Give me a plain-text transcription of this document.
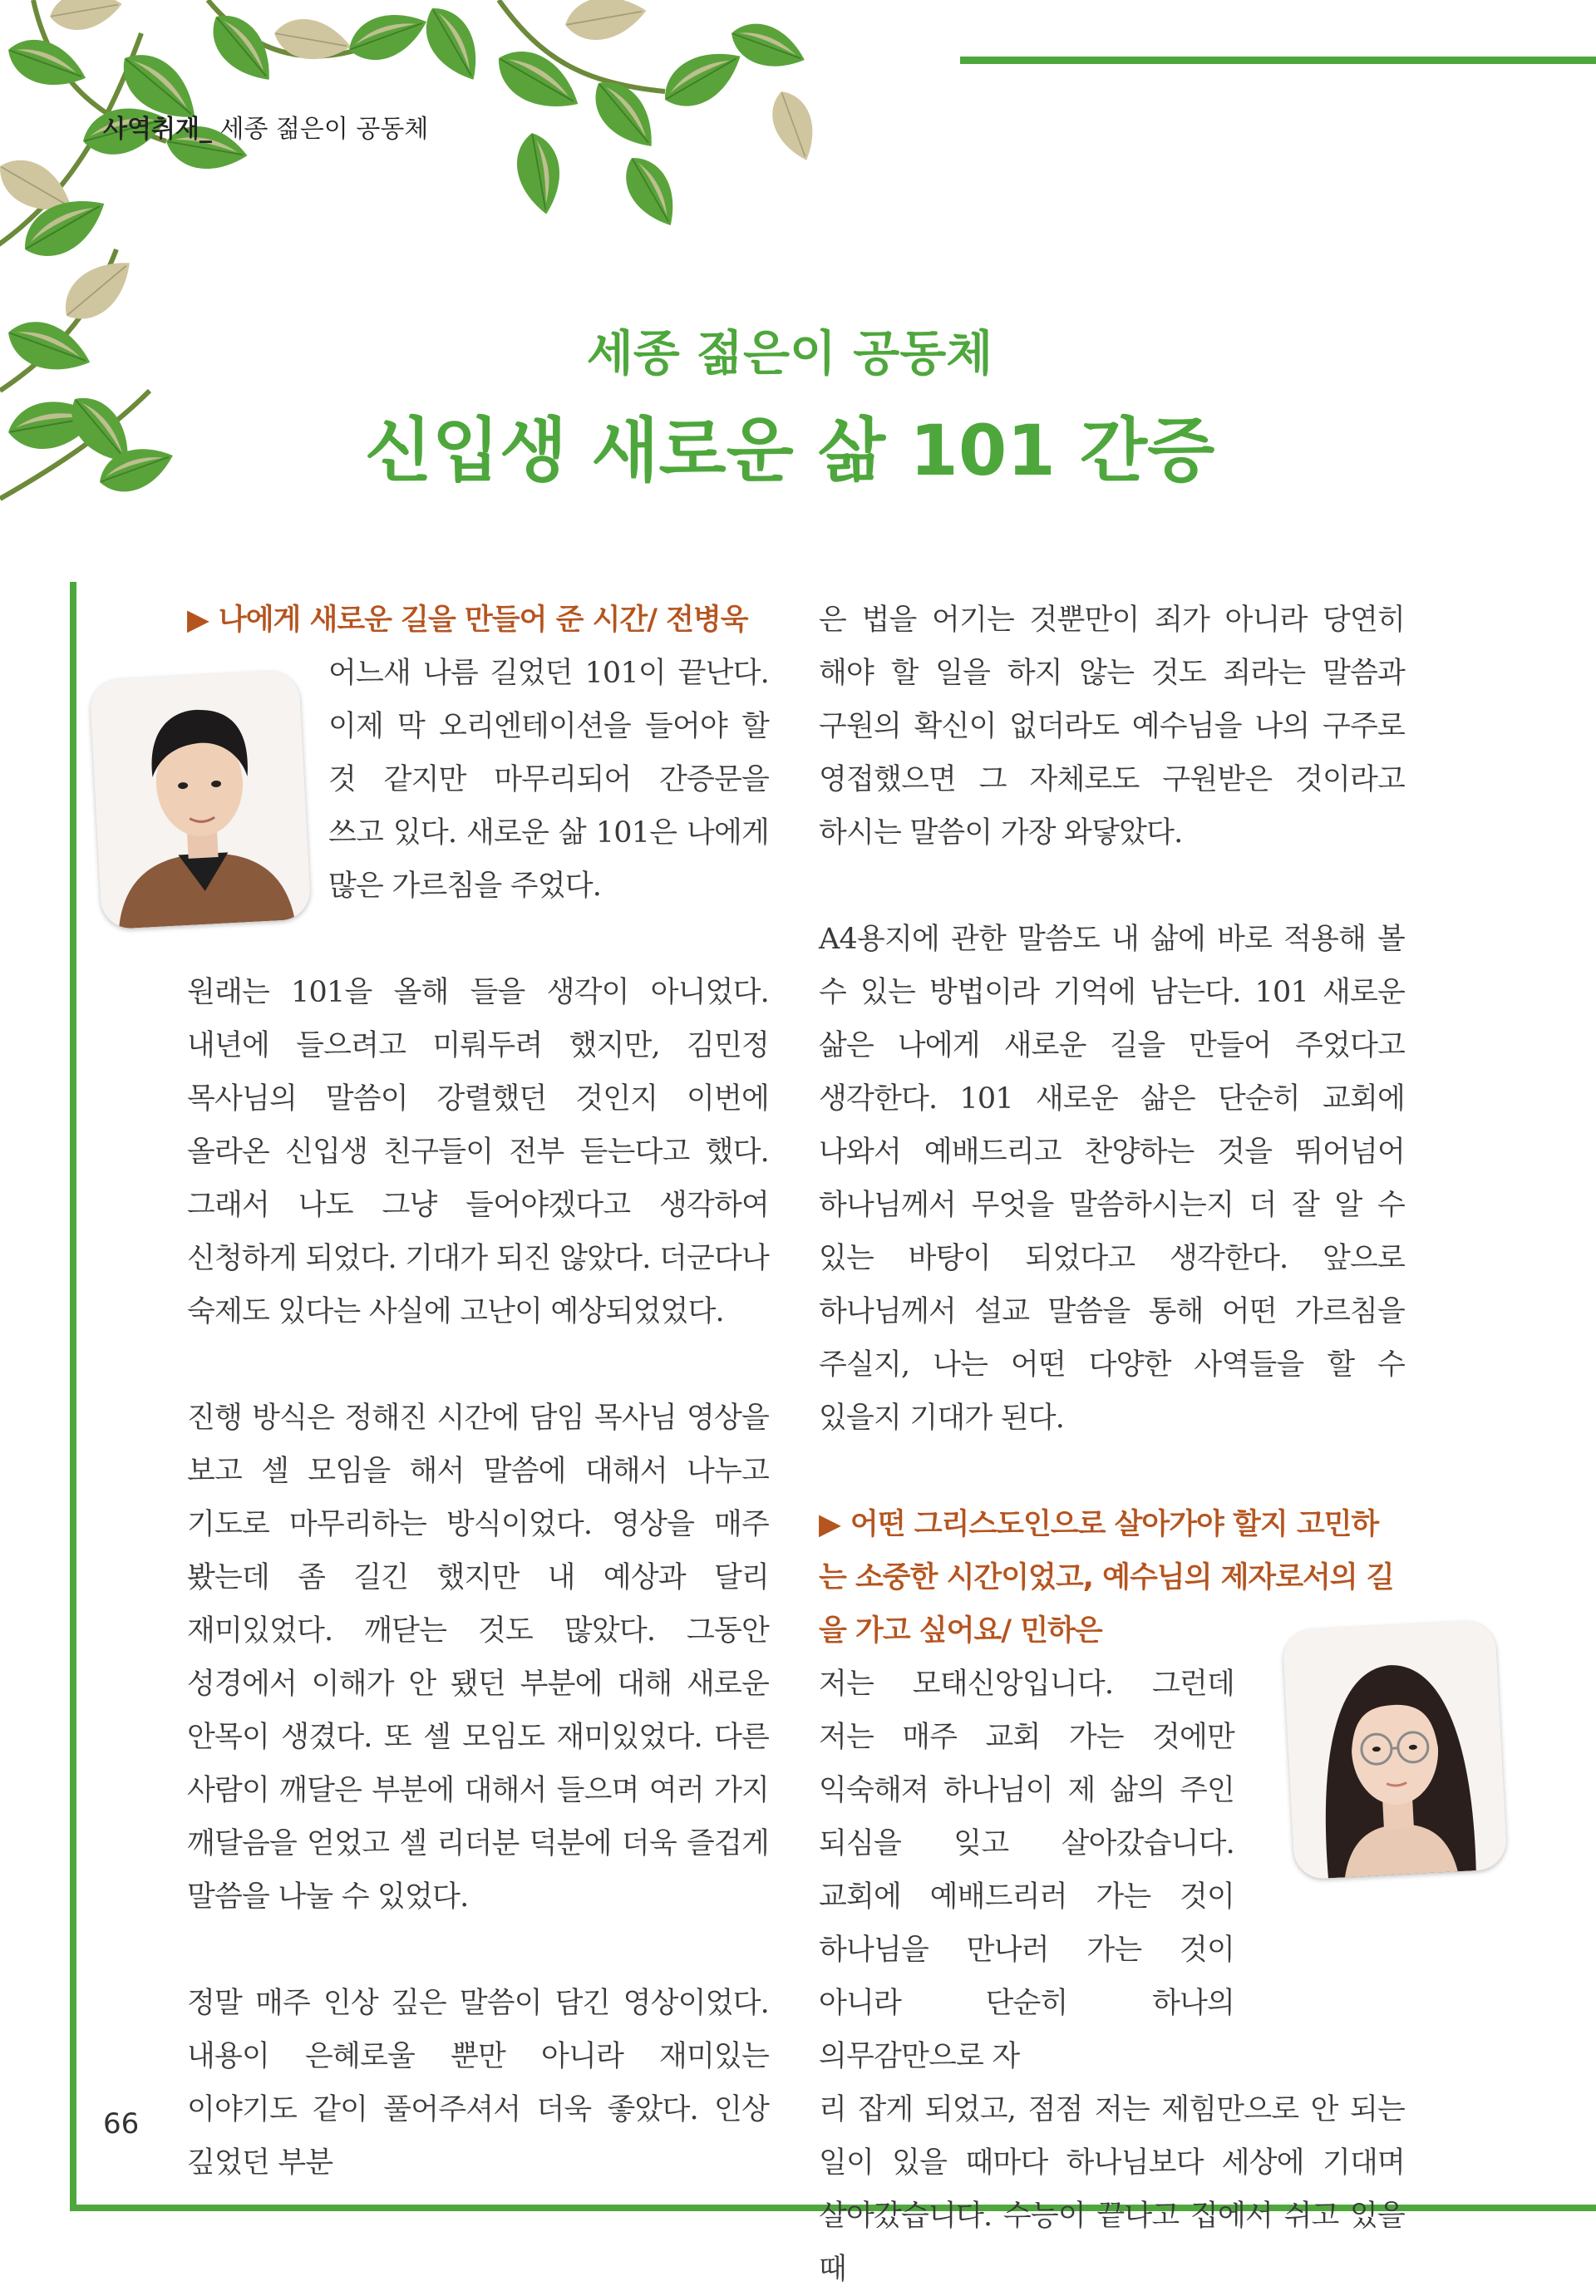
사역취재_ 세종 젊은이 공동체
세종 젊은이 공동체
신입생 새로운 삶 101 간증

▶ 나에게 새로운 길을 만들어 준 시간/ 전병욱

어느새 나름 길었던 101이 끝난다. 이제 막 오리엔테이션을 들어야 할 것 같지만 마무리되어 간증문을 쓰고 있다. 새로운 삶 101은 나에게 많은 가르침을 주었다.

원래는 101을 올해 들을 생각이 아니었다. 내년에 들으려고 미뤄두려 했지만, 김민정 목사님의 말씀이 강렬했던 것인지 이번에 올라온 신입생 친구들이 전부 듣는다고 했다. 그래서 나도 그냥 들어야겠다고 생각하여 신청하게 되었다. 기대가 되진 않았다. 더군다나 숙제도 있다는 사실에 고난이 예상되었었다.

진행 방식은 정해진 시간에 담임 목사님 영상을 보고 셀 모임을 해서 말씀에 대해서 나누고 기도로 마무리하는 방식이었다. 영상을 매주 봤는데 좀 길긴 했지만 내 예상과 달리 재미있었다. 깨닫는 것도 많았다. 그동안 성경에서 이해가 안 됐던 부분에 대해 새로운 안목이 생겼다. 또 셀 모임도 재미있었다. 다른 사람이 깨달은 부분에 대해서 들으며 여러 가지 깨달음을 얻었고 셀 리더분 덕분에 더욱 즐겁게 말씀을 나눌 수 있었다.

정말 매주 인상 깊은 말씀이 담긴 영상이었다. 내용이 은혜로울 뿐만 아니라 재미있는 이야기도 같이 풀어주셔서 더욱 좋았다. 인상 깊었던 부분

은 법을 어기는 것뿐만이 죄가 아니라 당연히 해야 할 일을 하지 않는 것도 죄라는 말씀과 구원의 확신이 없더라도 예수님을 나의 구주로 영접했으면 그 자체로도 구원받은 것이라고 하시는 말씀이 가장 와닿았다.

A4용지에 관한 말씀도 내 삶에 바로 적용해 볼 수 있는 방법이라 기억에 남는다. 101 새로운 삶은 나에게 새로운 길을 만들어 주었다고 생각한다. 101 새로운 삶은 단순히 교회에 나와서 예배드리고 찬양하는 것을 뛰어넘어 하나님께서 무엇을 말씀하시는지 더 잘 알 수 있는 바탕이 되었다고 생각한다. 앞으로 하나님께서 설교 말씀을 통해 어떤 가르침을 주실지, 나는 어떤 다양한 사역들을 할 수 있을지 기대가 된다.

▶ 어떤 그리스도인으로 살아가야 할지 고민하는 소중한 시간이었고, 예수님의 제자로서의 길을 가고 싶어요/ 민하은

저는 모태신앙입니다. 그런데 저는 매주 교회 가는 것에만 익숙해져 하나님이 제 삶의 주인 되심을 잊고 살아갔습니다. 교회에 예배드리러 가는 것이 하나님을 만나러 가는 것이 아니라 단순히 하나의 의무감만으로 자

리 잡게 되었고, 점점 저는 제힘만으로 안 되는 일이 있을 때마다 하나님보다 세상에 기대며 살아갔습니다. 수능이 끝나고 집에서 쉬고 있을 때

66
